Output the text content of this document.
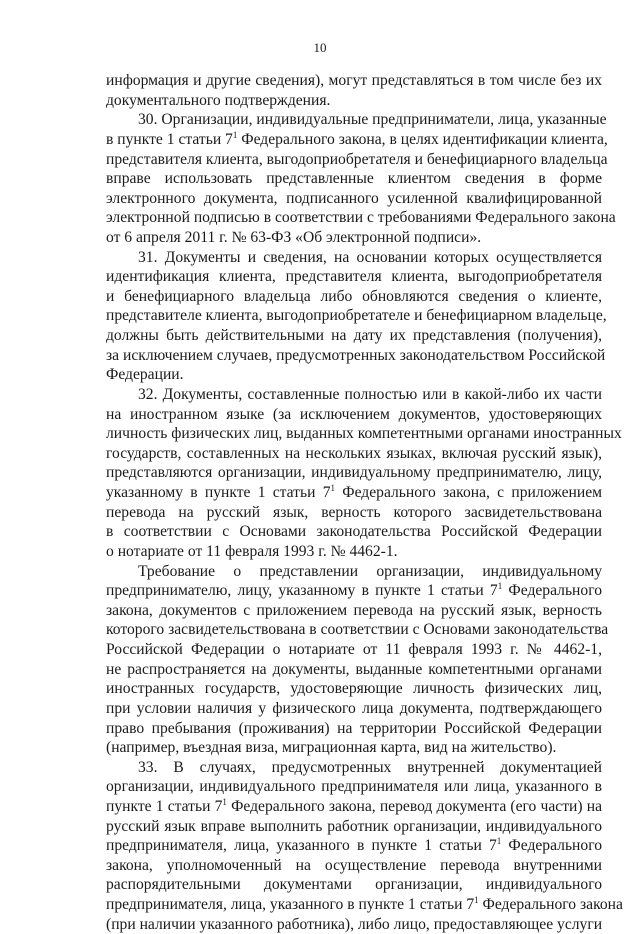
10
информация и другие сведения), могут представляться в том числе без их
документального подтверждения.
30. Организации, индивидуальные предприниматели, лица, указанные
в пункте 1 статьи $7^1$ Федерального закона, в целях идентификации клиента,
представителя клиента, выгодоприобретателя и бенефициарного владельца
вправе использовать представленные клиентом сведения в форме
электронного документа, подписанного усиленной квалифицированной
электронной подписью в соответствии с требованиями Федерального закона
от 6 апреля 2011 г. № 63-ФЗ «Об электронной подписи».
31. Документы и сведения, на основании которых осуществляется
идентификация клиента, представителя клиента, выгодоприобретателя
и бенефициарного владельца либо обновляются сведения о клиенте,
представителе клиента, выгодоприобретателе и бенефициарном владельце,
должны быть действительными на дату их представления (получения),
за исключением случаев, предусмотренных законодательством Российской
Федерации.
32. Документы, составленные полностью или в какой-либо их части
на иностранном языке (за исключением документов, удостоверяющих
личность физических лиц, выданных компетентными органами иностранных
государств, составленных на нескольких языках, включая русский язык),
представляются организации, индивидуальному предпринимателю, лицу,
указанному в пункте 1 статьи $7^1$ Федерального закона, с приложением
перевода на русский язык, верность которого засвидетельствована
в соответствии с Основами законодательства Российской Федерации
о нотариате от 11 февраля 1993 г. № 4462-1.
Требование о представлении организации, индивидуальному
предпринимателю, лицу, указанному в пункте 1 статьи $7^1$ Федерального
закона, документов с приложением перевода на русский язык, верность
которого засвидетельствована в соответствии с Основами законодательства
Российской Федерации о нотариате от 11 февраля 1993 г. № 4462-1,
не распространяется на документы, выданные компетентными органами
иностранных государств, удостоверяющие личность физических лиц,
при условии наличия у физического лица документа, подтверждающего
право пребывания (проживания) на территории Российской Федерации
(например, въездная виза, миграционная карта, вид на жительство).
33. В случаях, предусмотренных внутренней документацией
организации, индивидуального предпринимателя или лица, указанного в
пункте 1 статьи $7^1$ Федерального закона, перевод документа (его части) на
русский язык вправе выполнить работник организации, индивидуального
предпринимателя, лица, указанного в пункте 1 статьи $7^1$ Федерального
закона, уполномоченный на осуществление перевода внутренними
распорядительными документами организации, индивидуального
предпринимателя, лица, указанного в пункте 1 статьи $7^1$ Федерального закона
(при наличии указанного работника), либо лицо, предоставляющее услуги
